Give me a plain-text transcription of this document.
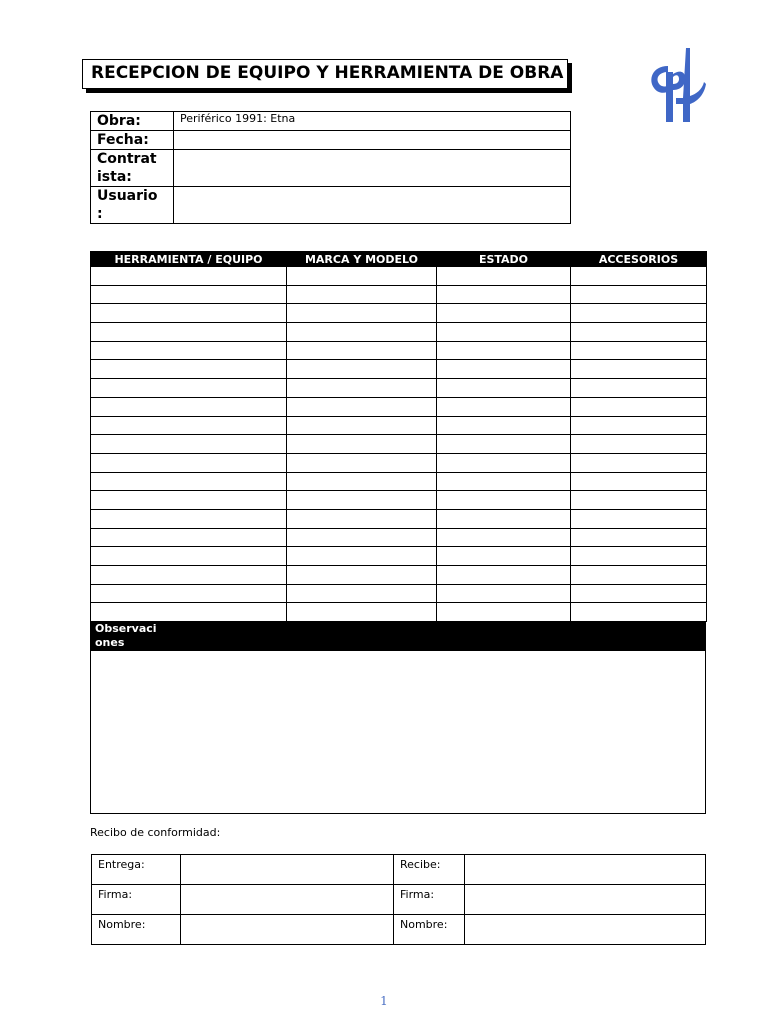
RECEPCION DE EQUIPO Y HERRAMIENTA DE OBRA
Obra:	Periférico 1991: Etna
Fecha:	
Contrat
ista:	
Usuario
:	
HERRAMIENTA / EQUIPO	MARCA Y MODELO	ESTADO	ACCESORIOS

Observaci
ones
Recibo de conformidad:
Entrega:		Recibe:	
Firma:		Firma:	
Nombre:		Nombre:	
1
